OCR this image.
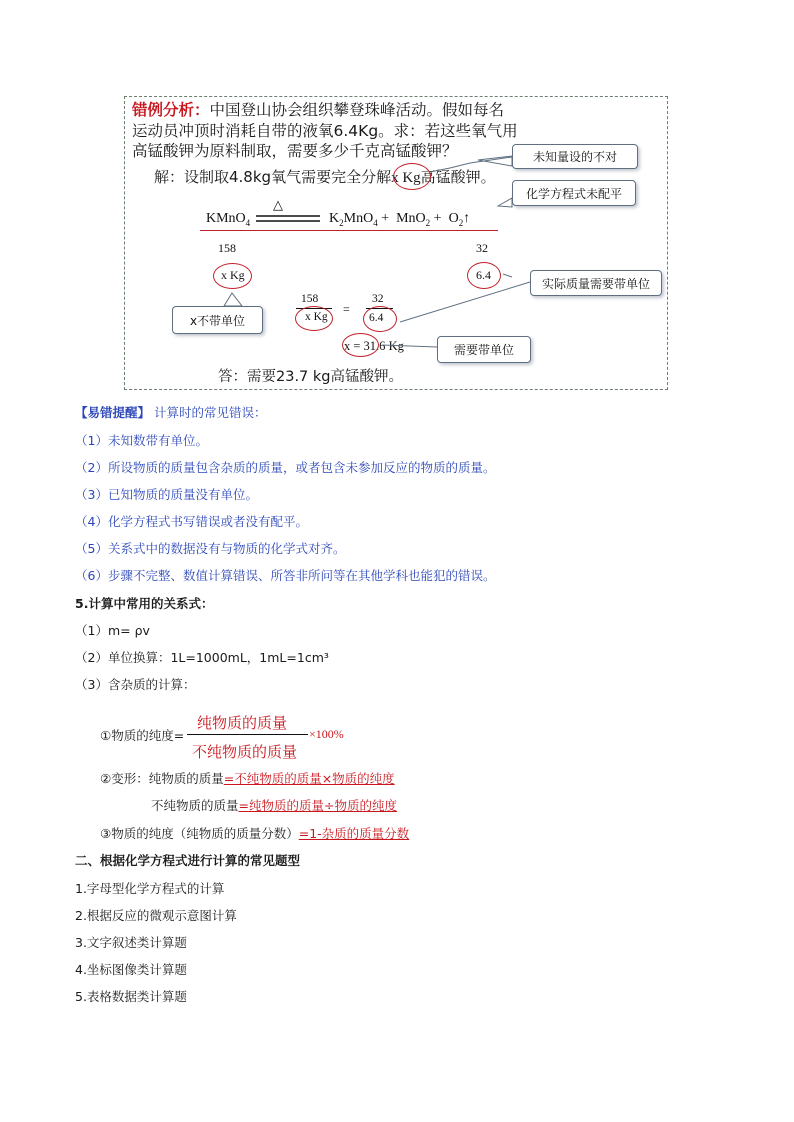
错例分析：中国登山协会组织攀登珠峰活动。假如每名
运动员冲顶时消耗自带的液氧6.4Kg。求：若这些氧气用
高锰酸钾为原料制取，需要多少千克高锰酸钾？
解：设制取4.8kg氧气需要完全分解x Kg高锰酸钾。
KMnO$_4$
△
$K_2MnO_4 + MnO_2$ + $O_2↑$
158	32
x Kg	6.4
158
x Kg
=
32
6.4
x = 31.6 Kg
答：需要23.7 kg高锰酸钾。
未知量设的不对
化学方程式未配平
实际质量需要带单位
x不带单位
需要带单位
【易错提醒】 计算时的常见错误：
（1）未知数带有单位。
（2）所设物质的质量包含杂质的质量，或者包含未参加反应的物质的质量。
（3）已知物质的质量没有单位。
（4）化学方程式书写错误或者没有配平。
（5）关系式中的数据没有与物质的化学式对齐。
（6）步骤不完整、数值计算错误、所答非所问等在其他学科也能犯的错误。
5.计算中常用的关系式：
（1）m= ρv
（2）单位换算：1L=1000mL，1mL=1cm³
（3）含杂质的计算：
①物质的纯度=
纯物质的质量
不纯物质的质量
×100%
②变形：纯物质的质量=不纯物质的质量×物质的纯度
不纯物质的质量=纯物质的质量÷物质的纯度
③物质的纯度（纯物质的质量分数）=1-杂质的质量分数
二、根据化学方程式进行计算的常见题型
1.字母型化学方程式的计算
2.根据反应的微观示意图计算
3.文字叙述类计算题
4.坐标图像类计算题
5.表格数据类计算题
